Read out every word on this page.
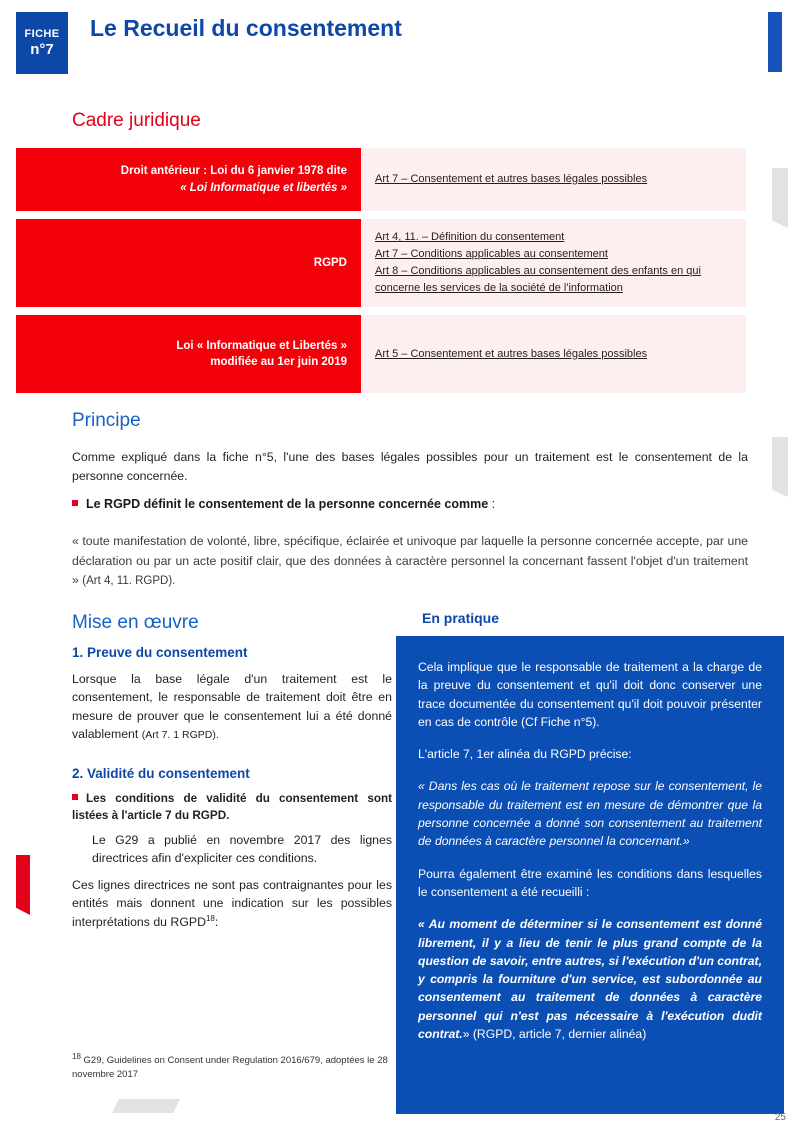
FICHE
n°7
Le Recueil du consentement
Cadre juridique
Droit antérieur : Loi du 6 janvier 1978 dite
« Loi Informatique et libertés »
Art 7 – Consentement et autres bases légales possibles
RGPD
Art 4, 11. – Définition du consentement
Art 7 – Conditions applicables au consentement
Art 8 – Conditions applicables au consentement des enfants en qui concerne les services de la société de l'information
Loi « Informatique et Libertés »
modifiée au 1er juin 2019
Art 5 – Consentement et autres bases légales possibles
Principe
Comme expliqué dans la fiche n°5, l'une des bases légales possibles pour un traitement est le consentement de la personne concernée.
Le RGPD définit le consentement de la personne concernée comme :
« toute manifestation de volonté, libre, spécifique, éclairée et univoque par laquelle la personne concernée accepte, par une déclaration ou par un acte positif clair, que des données à caractère personnel la concernant fassent l'objet d'un traitement » (Art 4, 11. RGPD).
Mise en œuvre
1. Preuve du consentement

Lorsque la base légale d'un traitement est le consentement, le responsable de traitement doit être en mesure de prouver que le consentement lui a été donné valablement (Art 7. 1 RGPD).

2. Validité du consentement

Les conditions de validité du consentement sont listées à l'article 7 du RGPD.

Le G29 a publié en novembre 2017 des lignes directrices afin d'expliciter ces conditions.

Ces lignes directrices ne sont pas contraignantes pour les entités mais donnent une indication sur les possibles interprétations du RGPD$^{18}$:

En pratique

Cela implique que le responsable de traitement a la charge de la preuve du consentement et qu'il doit donc conserver une trace documentée du consentement qu'il doit pouvoir présenter en cas de contrôle (Cf Fiche n°5).

L'article 7, 1er alinéa du RGPD précise:

« Dans les cas où le traitement repose sur le consentement, le responsable du traitement est en mesure de démontrer que la personne concernée a donné son consentement au traitement de données à caractère personnel la concernant.»

Pourra également être examiné les conditions dans lesquelles le consentement a été recueilli :

« Au moment de déterminer si le consentement est donné librement, il y a lieu de tenir le plus grand compte de la question de savoir, entre autres, si l'exécution d'un contrat, y compris la fourniture d'un service, est subordonnée au consentement au traitement de données à caractère personnel qui n'est pas nécessaire à l'exécution dudit contrat.» (RGPD, article 7, dernier alinéa)

$^{18}$ G29, Guidelines on Consent under Regulation 2016/679, adoptées le 28 novembre 2017
25
